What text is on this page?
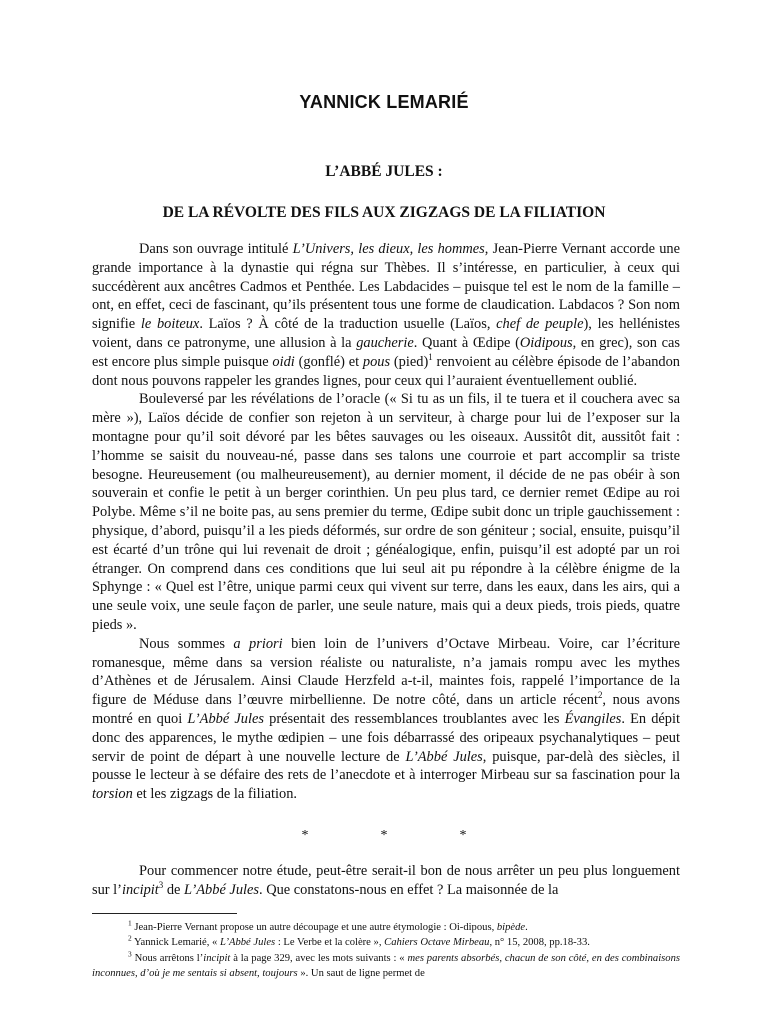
YANNICK LEMARIÉ
L’ABBÉ JULES :
DE LA RÉVOLTE DES FILS AUX ZIGZAGS DE LA FILIATION

Dans son ouvrage intitulé L’Univers, les dieux, les hommes, Jean-Pierre Vernant accorde une grande importance à la dynastie qui régna sur Thèbes. Il s’intéresse, en particulier, à ceux qui succédèrent aux ancêtres Cadmos et Penthée. Les Labdacides – puisque tel est le nom de la famille – ont, en effet, ceci de fascinant, qu’ils présentent tous une forme de claudication. Labdacos ? Son nom signifie le boiteux. Laïos ? À côté de la traduction usuelle (Laïos, chef de peuple), les hellénistes voient, dans ce patronyme, une allusion à la gaucherie. Quant à Œdipe (Oidipous, en grec), son cas est encore plus simple puisque oidi (gonflé) et pous (pied)$^1$ renvoient au célèbre épisode de l’abandon dont nous pouvons rappeler les grandes lignes, pour ceux qui l’auraient éventuellement oublié.

Bouleversé par les révélations de l’oracle (« Si tu as un fils, il te tuera et il couchera avec sa mère »), Laïos décide de confier son rejeton à un serviteur, à charge pour lui de l’exposer sur la montagne pour qu’il soit dévoré par les bêtes sauvages ou les oiseaux. Aussitôt dit, aussitôt fait : l’homme se saisit du nouveau-né, passe dans ses talons une courroie et part accomplir sa triste besogne. Heureusement (ou malheureusement), au dernier moment, il décide de ne pas obéir à son souverain et confie le petit à un berger corinthien. Un peu plus tard, ce dernier remet Œdipe au roi Polybe. Même s’il ne boite pas, au sens premier du terme, Œdipe subit donc un triple gauchissement : physique, d’abord, puisqu’il a les pieds déformés, sur ordre de son géniteur ; social, ensuite, puisqu’il est écarté d’un trône qui lui revenait de droit ; généalogique, enfin, puisqu’il est adopté par un roi étranger. On comprend dans ces conditions que lui seul ait pu répondre à la célèbre énigme de la Sphynge : « Quel est l’être, unique parmi ceux qui vivent sur terre, dans les eaux, dans les airs, qui a une seule voix, une seule façon de parler, une seule nature, mais qui a deux pieds, trois pieds, quatre pieds ».

Nous sommes a priori bien loin de l’univers d’Octave Mirbeau. Voire, car l’écriture romanesque, même dans sa version réaliste ou naturaliste, n’a jamais rompu avec les mythes d’Athènes et de Jérusalem. Ainsi Claude Herzfeld a-t-il, maintes fois, rappelé l’importance de la figure de Méduse dans l’œuvre mirbellienne. De notre côté, dans un article récent$^2$, nous avons montré en quoi L’Abbé Jules présentait des ressemblances troublantes avec les Évangiles. En dépit donc des apparences, le mythe œdipien – une fois débarrassé des oripeaux psychanalytiques – peut servir de point de départ à une nouvelle lecture de L’Abbé Jules, puisque, par-delà des siècles, il pousse le lecteur à se défaire des rets de l’anecdote et à interroger Mirbeau sur sa fascination pour la torsion et les zigzags de la filiation.

*	*	*

Pour commencer notre étude, peut-être serait-il bon de nous arrêter un peu plus longuement sur l’incipit$^3$ de L’Abbé Jules. Que constatons-nous en effet ? La maisonnée de la

$^1$ Jean-Pierre Vernant propose un autre découpage et une autre étymologie : Oi-dipous, bipède.

$^2$ Yannick Lemarié, « L’Abbé Jules : Le Verbe et la colère », Cahiers Octave Mirbeau, n° 15, 2008, pp.18-33.

$^3$ Nous arrêtons l’incipit à la page 329, avec les mots suivants : « mes parents absorbés, chacun de son côté, en des combinaisons inconnues, d’où je me sentais si absent, toujours ». Un saut de ligne permet de
